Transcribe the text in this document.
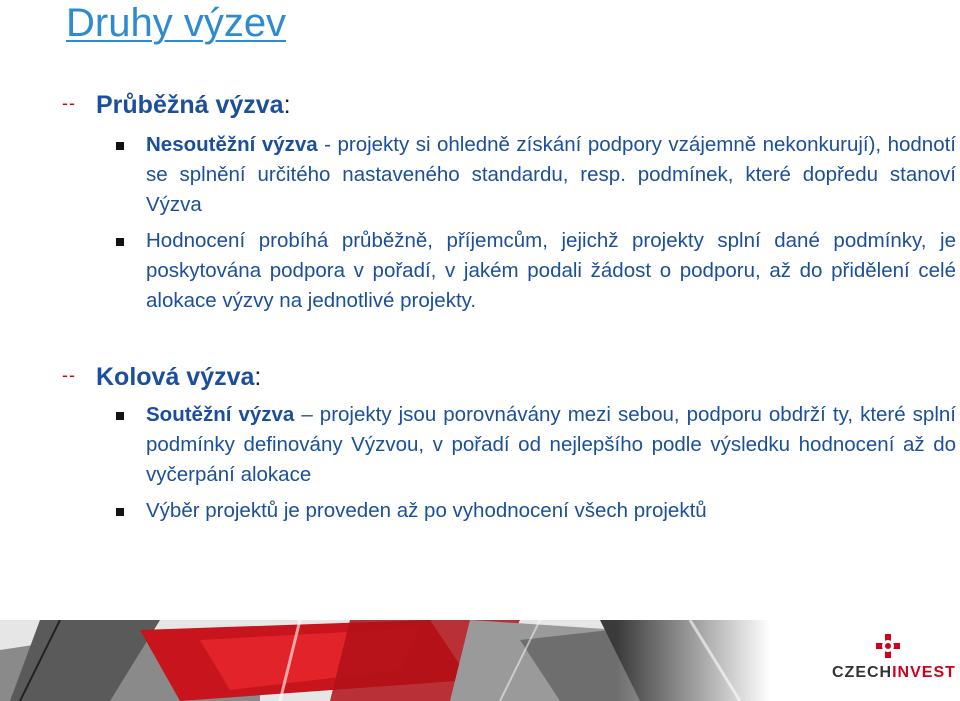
Druhy výzev
-- Průběžná výzva :
Nesoutěžní výzva - projekty si ohledně získání podpory vzájemně nekonkurují), hodnotí se splnění určitého nastaveného standardu, resp. podmínek, které dopředu stanoví Výzva
Hodnocení probíhá průběžně, příjemcům, jejichž projekty splní dané podmínky, je poskytována podpora v pořadí, v jakém podali žádost o podporu, až do přidělení celé alokace výzvy na jednotlivé projekty.
-- Kolová výzva :
Soutěžní výzva – projekty jsou porovnávány mezi sebou, podporu obdrží ty, které splní podmínky definovány Výzvou, v pořadí od nejlepšího podle výsledku hodnocení až do vyčerpání alokace
Výběr projektů je proveden až po vyhodnocení všech projektů
CZECHINVEST
